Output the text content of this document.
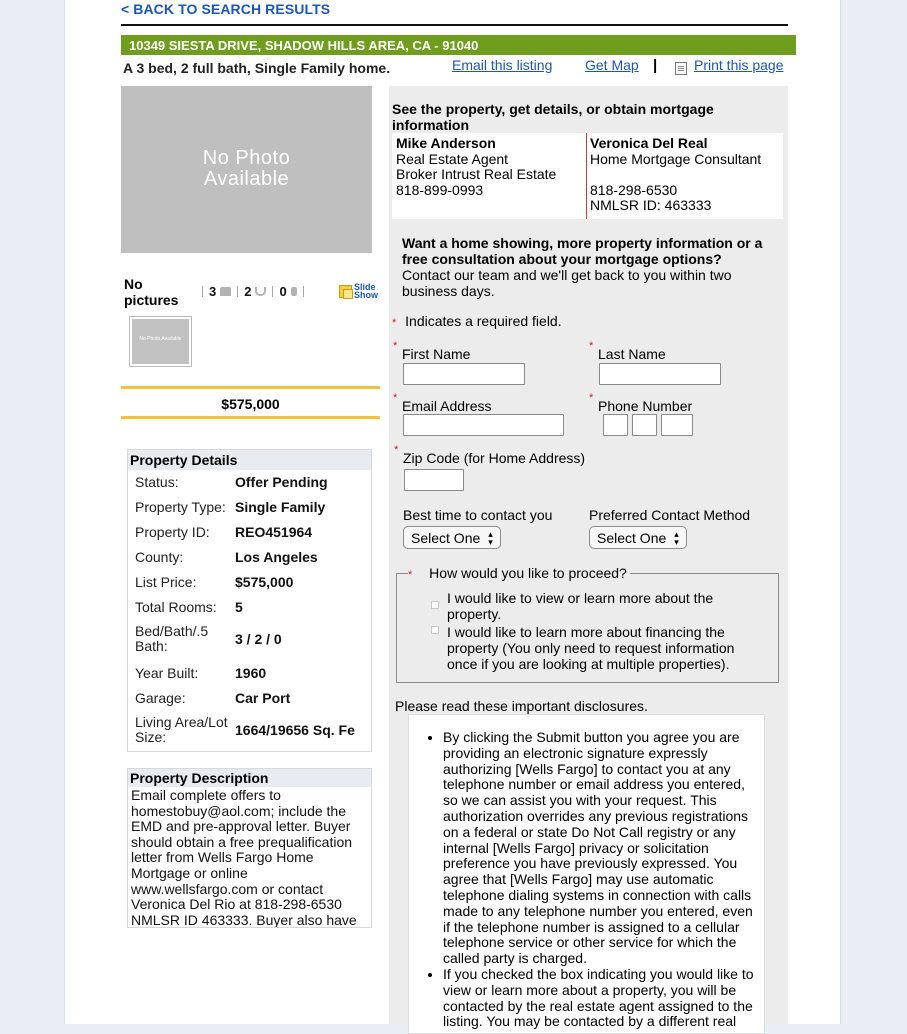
< BACK TO SEARCH RESULTS
10349 SIESTA DRIVE, SHADOW HILLS AREA, CA - 91040
A 3 bed, 2 full bath, Single Family home.	Email this listing Get Map |	Print this page
No Photo Available
No pictures
3 2 0	Slide Show
No Photo Available
$575,000
Property Details
Status:	Offer Pending
Property Type: Single Family
Property ID:	REO451964
County:	Los Angeles
List Price:	$575,000
Total Rooms:	5
Bed/Bath/.5 Bath:	3 / 2 / 0
Year Built:	1960
Garage:	Car Port
Living Area/Lot Size:	1664/19656 Sq. Fe
Property Description
Email complete offers to homestobuy@aol.com; include the EMD and pre-approval letter. Buyer should obtain a free prequalification letter from Wells Fargo Home Mortgage or online www.wellsfargo.com or contact Veronica Del Rio at 818-298-6530 NMLSR ID 463333. Buyer also have
See the property, get details, or obtain mortgage information
Mike Anderson
Real Estate Agent
Broker Intrust Real Estate
818-899-0993
Veronica Del Real
Home Mortgage Consultant
818-298-6530
NMLSR ID: 463333
Want a home showing, more property information or a free consultation about your mortgage options?
Contact our team and we'll get back to you within two business days.
* Indicates a required field.
* First Name	* Last Name
* Email Address	* Phone Number
* Zip Code (for Home Address)
Best time to contact you
Select One ▴
▾
Preferred Contact Method
Select One ▴
▾
* How would you like to proceed?
I would like to view or learn more about the property.
I would like to learn more about financing the property (You only need to request information once if you are looking at multiple properties).
Please read these important disclosures.
• By clicking the Submit button you agree you are providing an electronic signature expressly authorizing [Wells Fargo] to contact you at any telephone number or email address you entered, so we can assist you with your request. This authorization overrides any previous registrations on a federal or state Do Not Call registry or any internal [Wells Fargo] privacy or solicitation preference you have previously expressed. You agree that [Wells Fargo] may use automatic telephone dialing systems in connection with calls made to any telephone number you entered, even if the telephone number is assigned to a cellular telephone service or other service for which the called party is charged.
• If you checked the box indicating you would like to view or learn more about a property, you will be contacted by the real estate agent assigned to the listing. You may be contacted by a different real
